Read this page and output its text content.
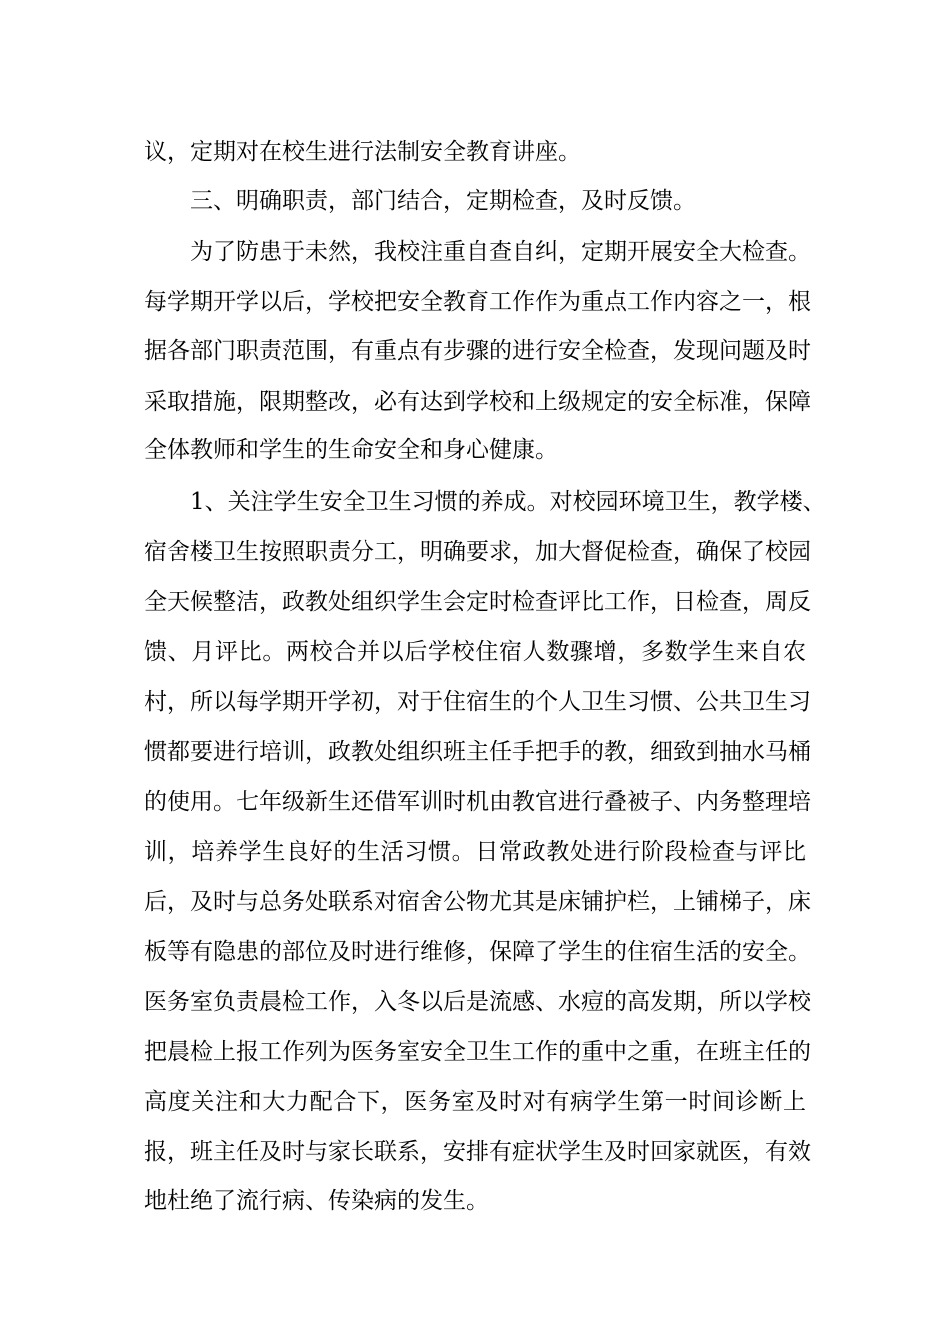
议，定期对在校生进行法制安全教育讲座。
三、明确职责，部门结合，定期检查，及时反馈。
为了防患于未然，我校注重自查自纠，定期开展安全大检查。
每学期开学以后，学校把安全教育工作作为重点工作内容之一，根
据各部门职责范围，有重点有步骤的进行安全检查，发现问题及时
采取措施，限期整改，必有达到学校和上级规定的安全标准，保障
全体教师和学生的生命安全和身心健康。
1、关注学生安全卫生习惯的养成。对校园环境卫生，教学楼、
宿舍楼卫生按照职责分工，明确要求，加大督促检查，确保了校园
全天候整洁，政教处组织学生会定时检查评比工作，日检查，周反
馈、月评比。两校合并以后学校住宿人数骤增，多数学生来自农
村，所以每学期开学初，对于住宿生的个人卫生习惯、公共卫生习
惯都要进行培训，政教处组织班主任手把手的教，细致到抽水马桶
的使用。七年级新生还借军训时机由教官进行叠被子、内务整理培
训，培养学生良好的生活习惯。日常政教处进行阶段检查与评比
后，及时与总务处联系对宿舍公物尤其是床铺护栏，上铺梯子，床
板等有隐患的部位及时进行维修，保障了学生的住宿生活的安全。
医务室负责晨检工作，入冬以后是流感、水痘的高发期，所以学校
把晨检上报工作列为医务室安全卫生工作的重中之重，在班主任的
高度关注和大力配合下，医务室及时对有病学生第一时间诊断上
报，班主任及时与家长联系，安排有症状学生及时回家就医，有效
地杜绝了流行病、传染病的发生。
